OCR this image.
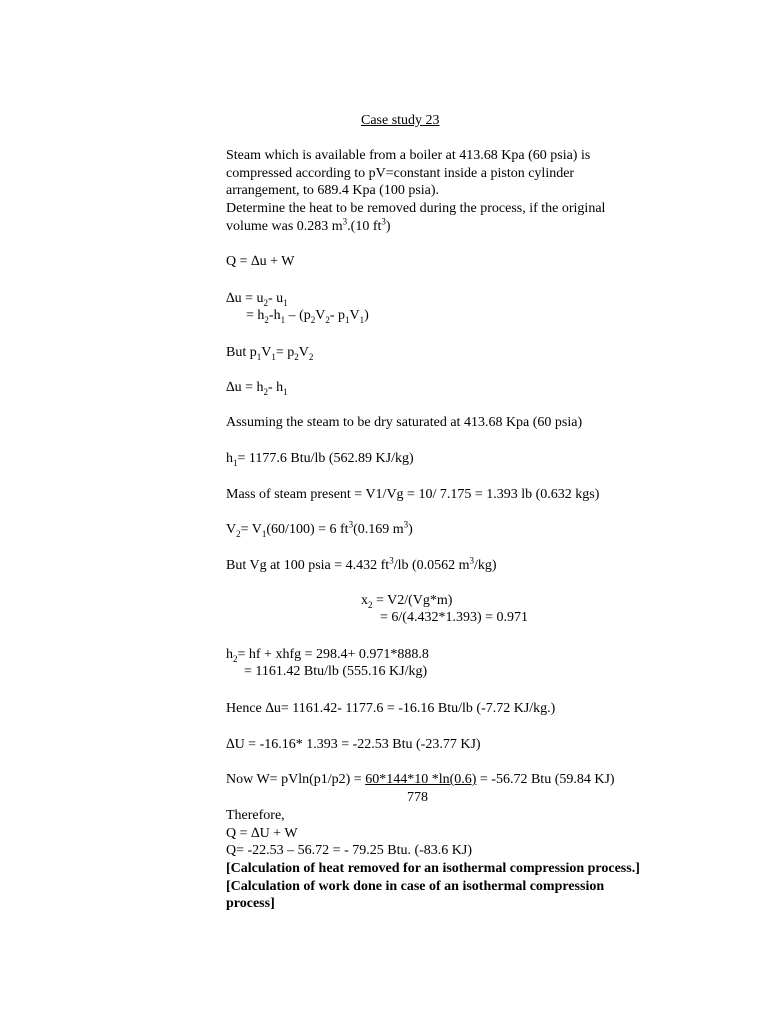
Case study 23
Steam which is available from a boiler at 413.68 Kpa (60 psia) is
compressed according to pV=constant inside a piston cylinder
arrangement, to 689.4 Kpa (100 psia).
Determine the heat to be removed during the process, if the original
volume was 0.283 $m^3.(10$ $ft^3$)
Q = ∆u + W
$\Delta u = u_2-$ $u_1$
= $h_2-h_1 - (p_2V_2-$ $p_1V_1$)
But $p_1V_1= p_2V_2$
$\Delta u = h_2-$ $h_1$
Assuming the steam to be dry saturated at 413.68 Kpa (60 psia)
$h_1= 1177.6$ Btu/lb (562.89 KJ/kg)
Mass of steam present = V1/Vg = 10/ 7.175 = 1.393 lb (0.632 kgs)
$V_2= V_1(60/100) = 6$ $ft^3(0.169$ $m^3$)
But Vg at 100 psia = 4.432 $ft^3/lb$ (0.0562 $m^3/kg$)
$x_2 = V2/(Vg*m)$
= 6/(4.432*1.393) = 0.971
$h_2=$ hf + xhfg = 298.4+ 0.971*888.8
= 1161.42 Btu/lb (555.16 KJ/kg)
Hence ∆u= 1161.42- 1177.6 = -16.16 Btu/lb (-7.72 KJ/kg.)
∆U = -16.16* 1.393 = -22.53 Btu (-23.77 KJ)
Now W= pVln(p1/p2) = 60*144*10 *ln(0.6) = -56.72 Btu (59.84 KJ)
778
Therefore,
Q = ∆U + W
Q= -22.53 – 56.72 = - 79.25 Btu. (-83.6 KJ)
[Calculation of heat removed for an isothermal compression process.]
[Calculation of work done in case of an isothermal compression
process]
